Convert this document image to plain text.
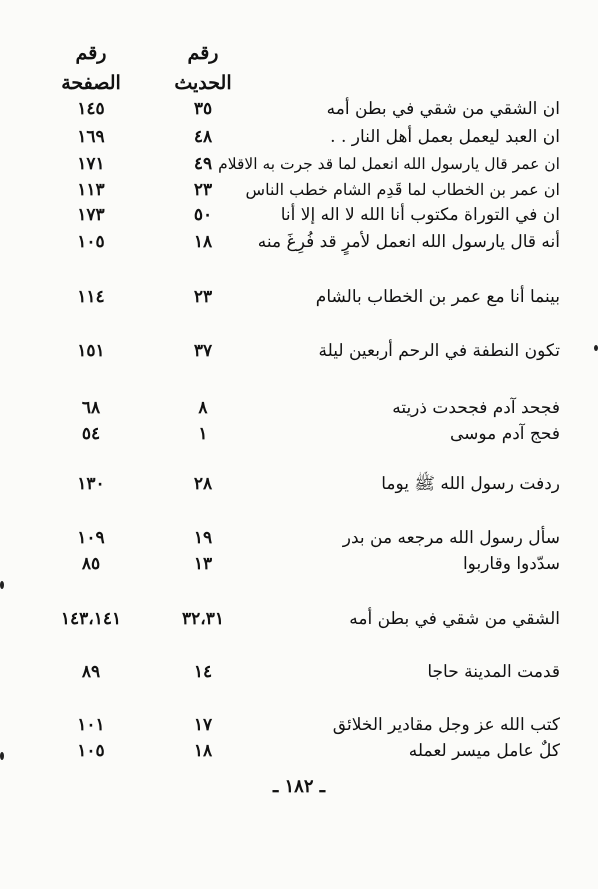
رقم الحديث
رقم الصفحة
ان الشقي من شقي في بطن أمه
٣٥
١٤٥
ان العبد ليعمل بعمل أهل النار . .
٤٨
١٦٩
ان عمر قال يارسول الله انعمل لما قد جرت به الاقلام
٤٩
١٧١
ان عمر بن الخطاب لما قَدِم الشام خطب الناس
٢٣
١١٣
ان في التوراة مكتوب أنا الله لا اله إلا أنا
٥٠
١٧٣
أنه قال يارسول الله انعمل لأمرٍ قد فُرِغَ منه
١٨
١٠٥
بينما أنا مع عمر بن الخطاب بالشام
٢٣
١١٤
تكون النطفة في الرحم أربعين ليلة
٣٧
١٥١
فجحد آدم فجحدت ذريته
٨
٦٨
فحج آدم موسى
١
٥٤
ردفت رسول الله ﷺ يوما
٢٨
١٣٠
سأل رسول الله مرجعه من بدر
١٩
١٠٩
سدّدوا وقاربوا
١٣
٨٥
الشقي من شقي في بطن أمه
٣٢،٣١
١٤٣،١٤١
قدمت المدينة حاجا
١٤
٨٩
كتب الله عز وجل مقادير الخلائق
١٧
١٠١
كلٌ عامل ميسر لعمله
١٨
١٠٥
ـ ١٨٢ ـ
